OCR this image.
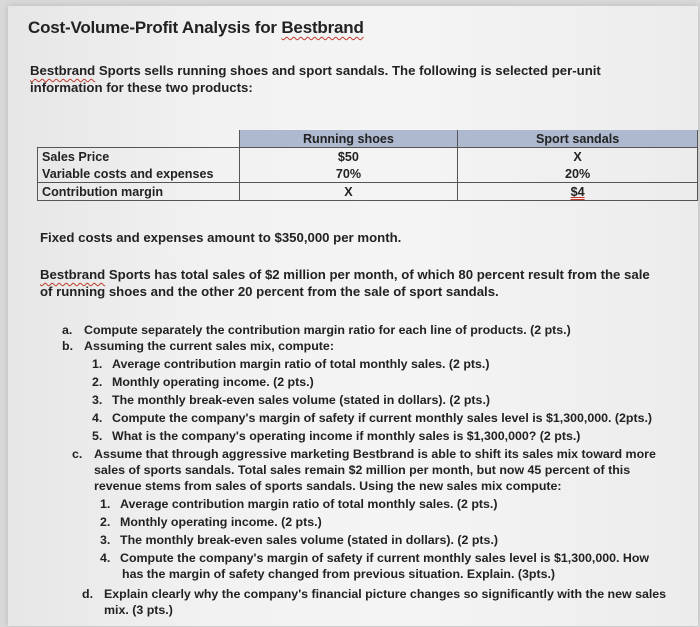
Cost-Volume-Profit Analysis for Bestbrand
Bestbrand Sports sells running shoes and sport sandals. The following is selected per-unit information for these two products:
	Running shoes	Sport sandals
Sales Price	$50	X
Variable costs and expenses	70%	20%
Contribution margin	X	$4
Fixed costs and expenses amount to $350,000 per month.
Bestbrand Sports has total sales of $2 million per month, of which 80 percent result from the sale of running shoes and the other 20 percent from the sale of sport sandals.
a. Compute separately the contribution margin ratio for each line of products. (2 pts.)
b. Assuming the current sales mix, compute:
1. Average contribution margin ratio of total monthly sales. (2 pts.)
2. Monthly operating income. (2 pts.)
3. The monthly break-even sales volume (stated in dollars). (2 pts.)
4. Compute the company's margin of safety if current monthly sales level is $1,300,000. (2pts.)
5. What is the company's operating income if monthly sales is $1,300,000? (2 pts.)
c. Assume that through aggressive marketing Bestbrand is able to shift its sales mix toward more
sales of sports sandals. Total sales remain $2 million per month, but now 45 percent of this
revenue stems from sales of sports sandals. Using the new sales mix compute:
1. Average contribution margin ratio of total monthly sales. (2 pts.)
2. Monthly operating income. (2 pts.)
3. The monthly break-even sales volume (stated in dollars). (2 pts.)
4. Compute the company's margin of safety if current monthly sales level is $1,300,000. How
has the margin of safety changed from previous situation. Explain. (3pts.)
d. Explain clearly why the company's financial picture changes so significantly with the new sales
mix. (3 pts.)
